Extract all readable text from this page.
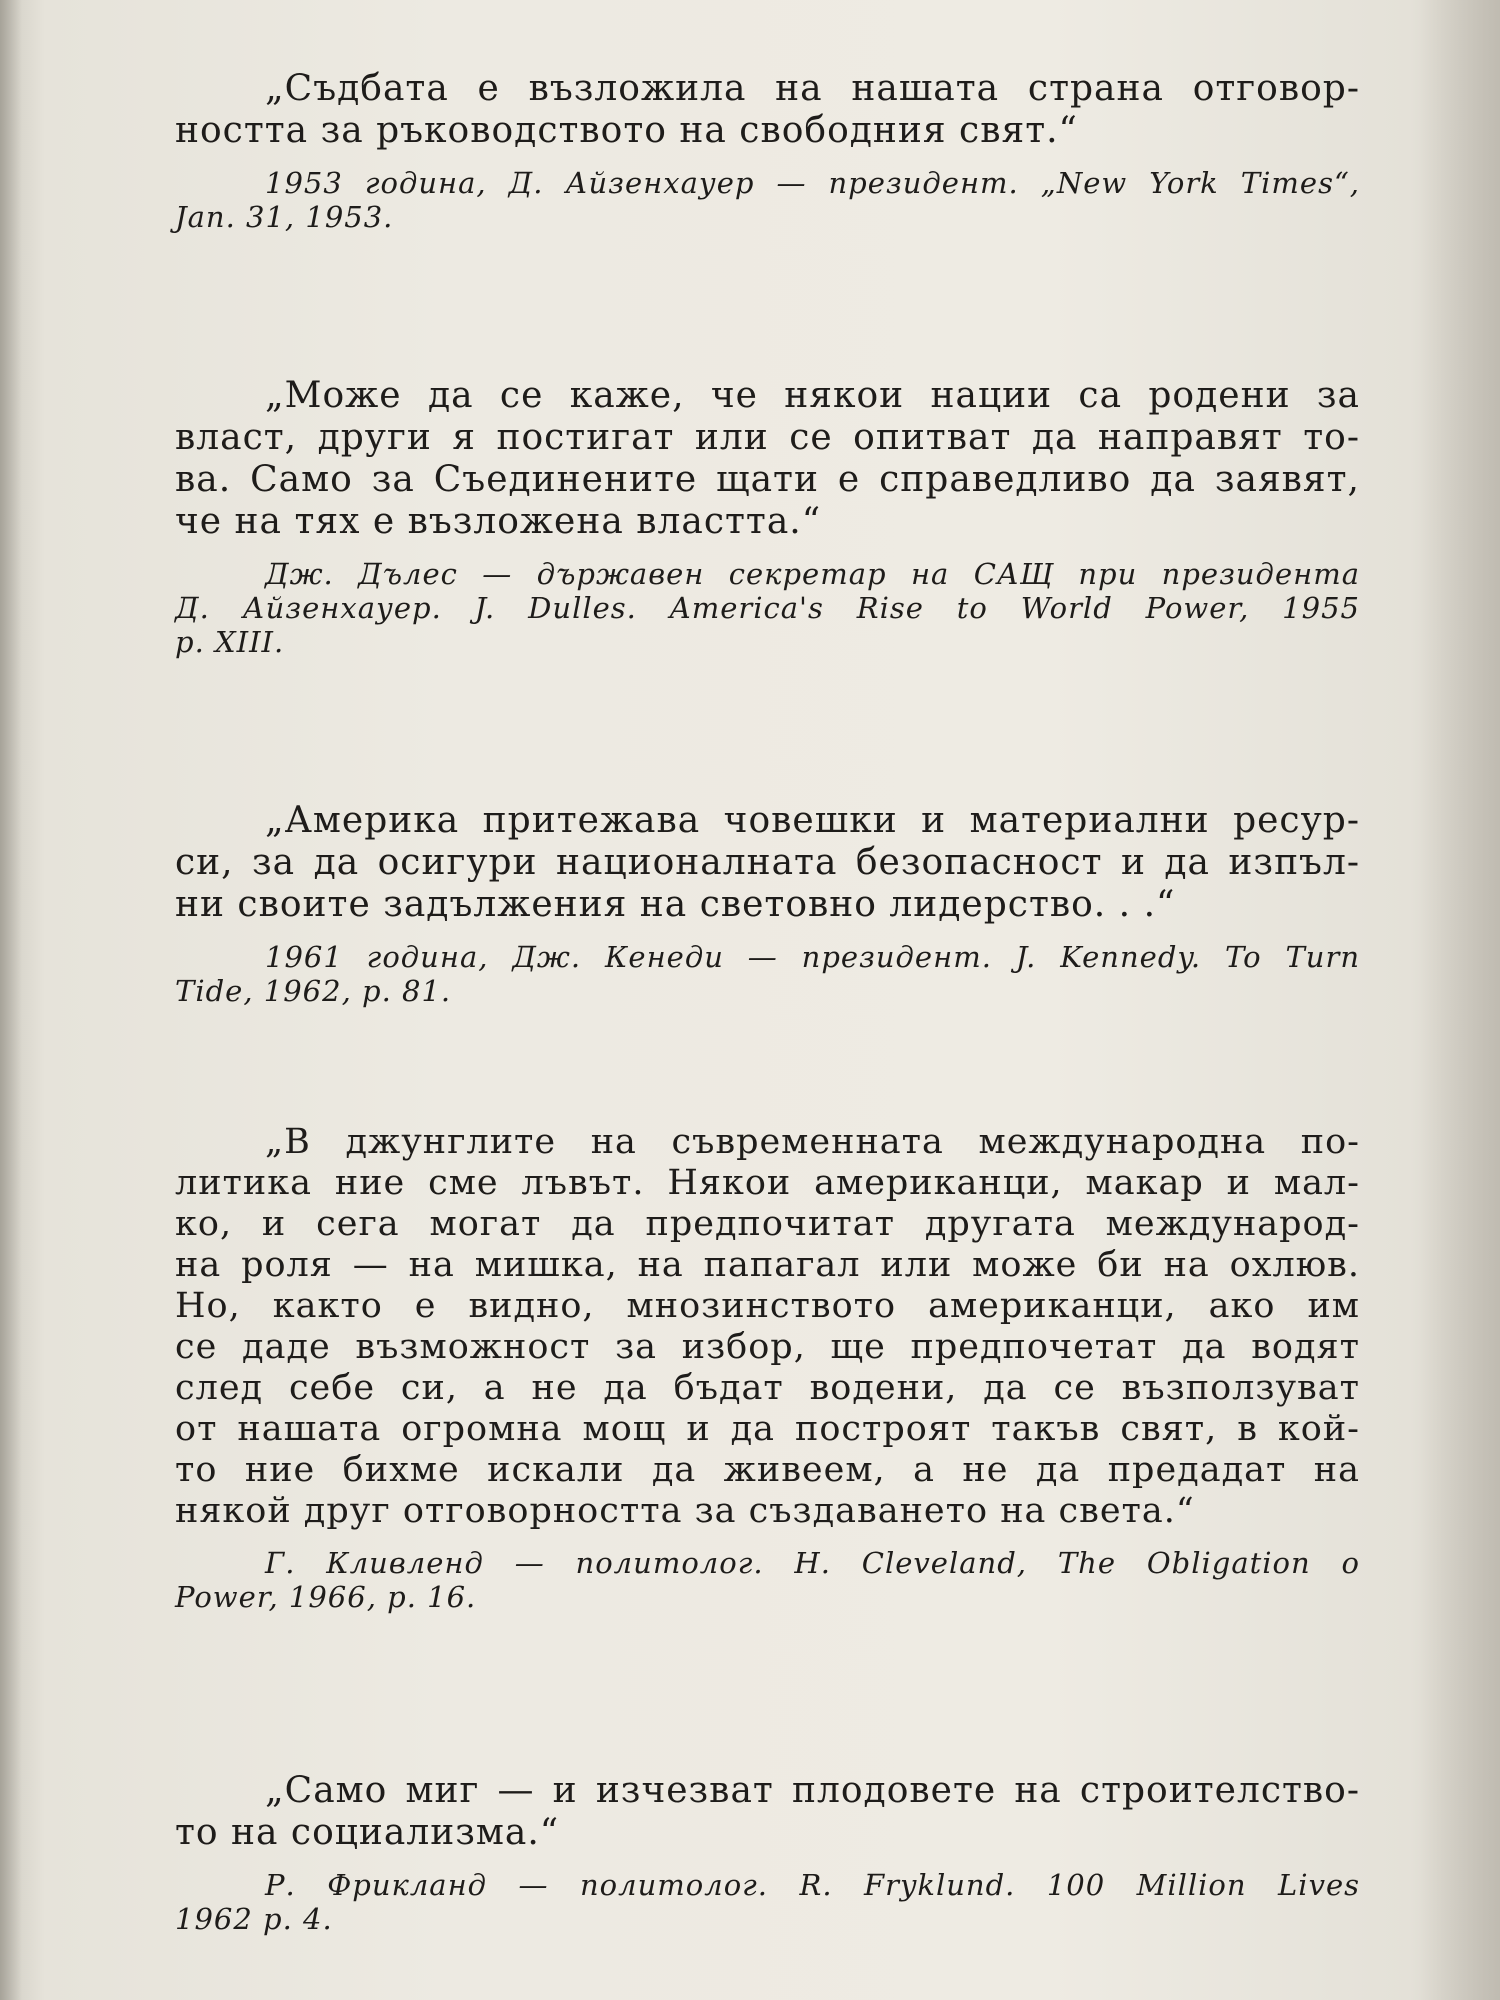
„Съдбата е възложила на нашата страна отговор-
ността за ръководството на свободния свят.“

1953 година, Д. Айзенхауер — президент. „New York Times“,
Jan. 31, 1953.

„Може да се каже, че някои нации са родени за
власт, други я постигат или се опитват да направят то-
ва. Само за Съединените щати е справедливо да заявят,
че на тях е възложена властта.“

Дж. Дълес — държавен секретар на САЩ при президента
Д. Айзенхауер. J. Dulles. America's Rise to World Power, 1955
p. XIII.

„Америка притежава човешки и материални ресур-
си, за да осигури националната безопасност и да изпъл-
ни своите задължения на световно лидерство. . .“

1961 година, Дж. Кенеди — президент. J. Kennedy. To Turn
Tide, 1962, p. 81.

„В джунглите на съвременната международна по-
литика ние сме лъвът. Някои американци, макар и мал-
ко, и сега могат да предпочитат другата международ-
на роля — на мишка, на папагал или може би на охлюв.
Но, както е видно, мнозинството американци, ако им
се даде възможност за избор, ще предпочетат да водят
след себе си, а не да бъдат водени, да се възползуват
от нашата огромна мощ и да построят такъв свят, в кой-
то ние бихме искали да живеем, а не да предадат на
някой друг отговорността за създаването на света.“

Г. Кливленд — политолог. H. Cleveland, The Obligation o
Power, 1966, p. 16.

„Само миг — и изчезват плодовете на строителство-
то на социализма.“

Р. Фрикланд — политолог. R. Fryklund. 100 Million Lives
1962 p. 4.
